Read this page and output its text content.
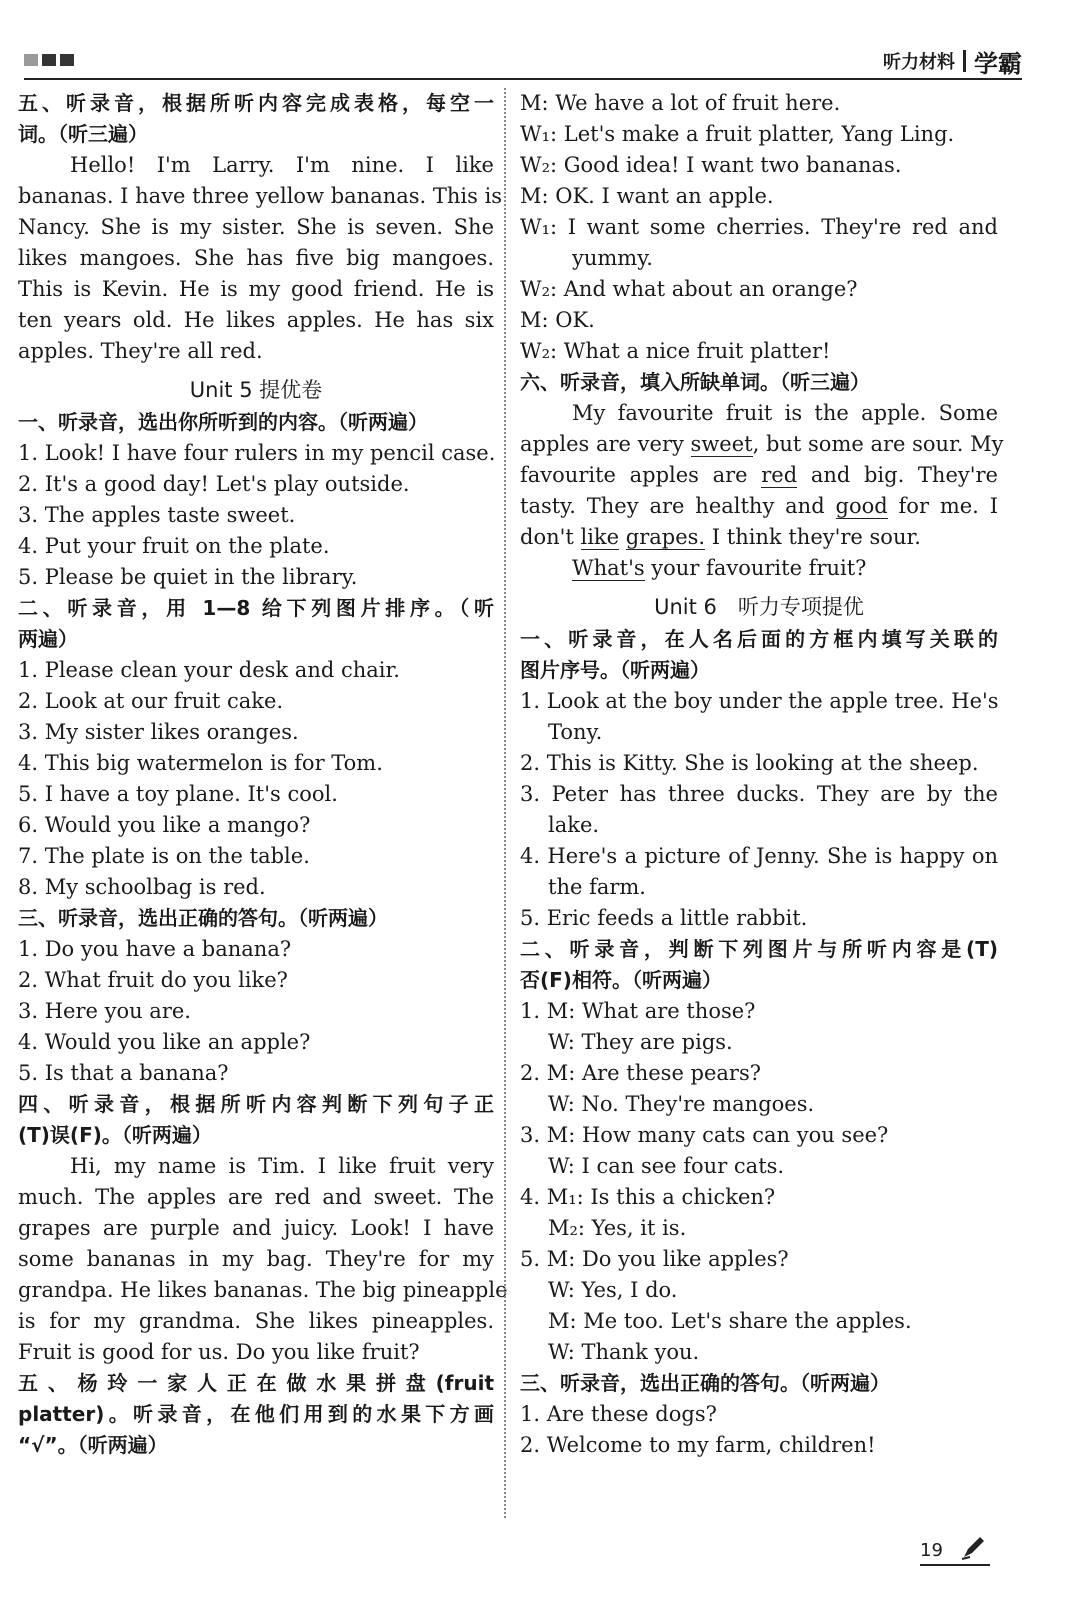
听力材料 学霸
五、听录音，根据所听内容完成表格，每空一
词。（听三遍）
Hello! I'm Larry. I'm nine. I like
bananas. I have three yellow bananas. This is
Nancy. She is my sister. She is seven. She
likes mangoes. She has five big mangoes.
This is Kevin. He is my good friend. He is
ten years old. He likes apples. He has six
apples. They're all red.
Unit 5 提优卷
一、听录音，选出你所听到的内容。（听两遍）
1. Look! I have four rulers in my pencil case.
2. It's a good day! Let's play outside.
3. The apples taste sweet.
4. Put your fruit on the plate.
5. Please be quiet in the library.
二、听录音，用 1—8 给下列图片排序。（听
两遍）
1. Please clean your desk and chair.
2. Look at our fruit cake.
3. My sister likes oranges.
4. This big watermelon is for Tom.
5. I have a toy plane. It's cool.
6. Would you like a mango?
7. The plate is on the table.
8. My schoolbag is red.
三、听录音，选出正确的答句。（听两遍）
1. Do you have a banana?
2. What fruit do you like?
3. Here you are.
4. Would you like an apple?
5. Is that a banana?
四、听录音，根据所听内容判断下列句子正
(T)误(F)。（听两遍）
Hi, my name is Tim. I like fruit very
much. The apples are red and sweet. The
grapes are purple and juicy. Look! I have
some bananas in my bag. They're for my
grandpa. He likes bananas. The big pineapple
is for my grandma. She likes pineapples.
Fruit is good for us. Do you like fruit?
五、杨玲一家人正在做水果拼盘(fruit
platter)。听录音，在他们用到的水果下方画
“√”。（听两遍）
M: We have a lot of fruit here.
W₁: Let's make a fruit platter, Yang Ling.
W₂: Good idea! I want two bananas.
M: OK. I want an apple.
W₁: I want some cherries. They're red and
yummy.
W₂: And what about an orange?
M: OK.
W₂: What a nice fruit platter!
六、听录音，填入所缺单词。（听三遍）
My favourite fruit is the apple. Some
apples are very sweet, but some are sour. My
favourite apples are red and big. They're
tasty. They are healthy and good for me. I
don't like grapes. I think they're sour.
What's your favourite fruit?
Unit 6　听力专项提优
一、听录音，在人名后面的方框内填写关联的
图片序号。（听两遍）
1. Look at the boy under the apple tree. He's
Tony.
2. This is Kitty. She is looking at the sheep.
3. Peter has three ducks. They are by the
lake.
4. Here's a picture of Jenny. She is happy on
the farm.
5. Eric feeds a little rabbit.
二、听录音，判断下列图片与所听内容是(T)
否(F)相符。（听两遍）
1. M: What are those?
W: They are pigs.
2. M: Are these pears?
W: No. They're mangoes.
3. M: How many cats can you see?
W: I can see four cats.
4. M₁: Is this a chicken?
M₂: Yes, it is.
5. M: Do you like apples?
W: Yes, I do.
M: Me too. Let's share the apples.
W: Thank you.
三、听录音，选出正确的答句。（听两遍）
1. Are these dogs?
2. Welcome to my farm, children!
19
